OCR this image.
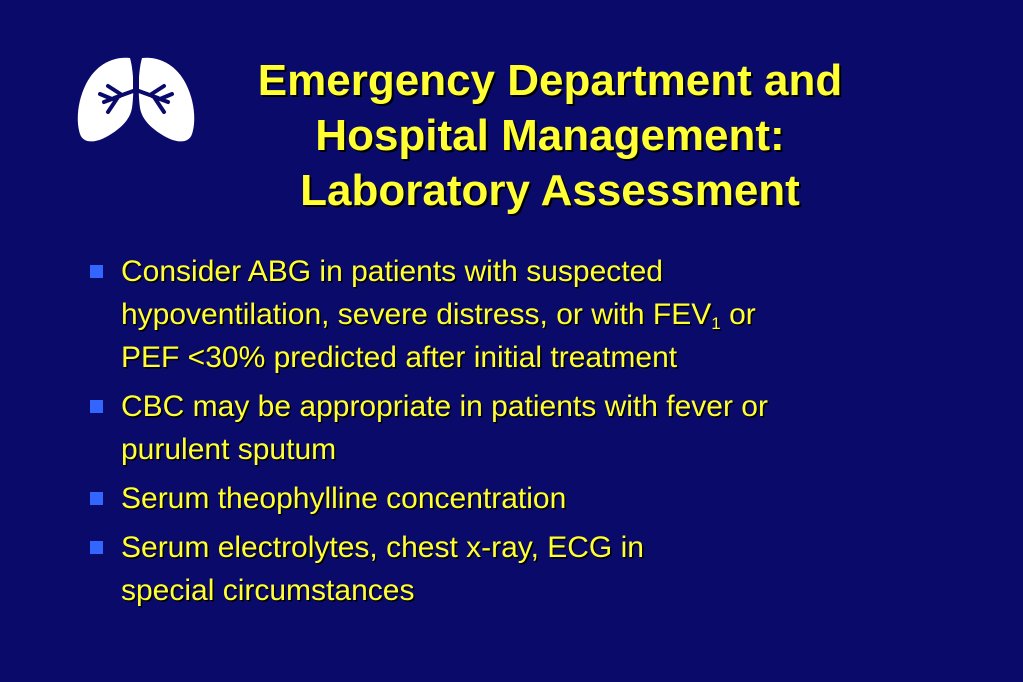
Emergency Department and
Hospital Management:
Laboratory Assessment
Consider ABG in patients with suspected
hypoventilation, severe distress, or with $FEV_1$ or
PEF <30% predicted after initial treatment
CBC may be appropriate in patients with fever or
purulent sputum
Serum theophylline concentration
Serum electrolytes, chest x-ray, ECG in
special circumstances
